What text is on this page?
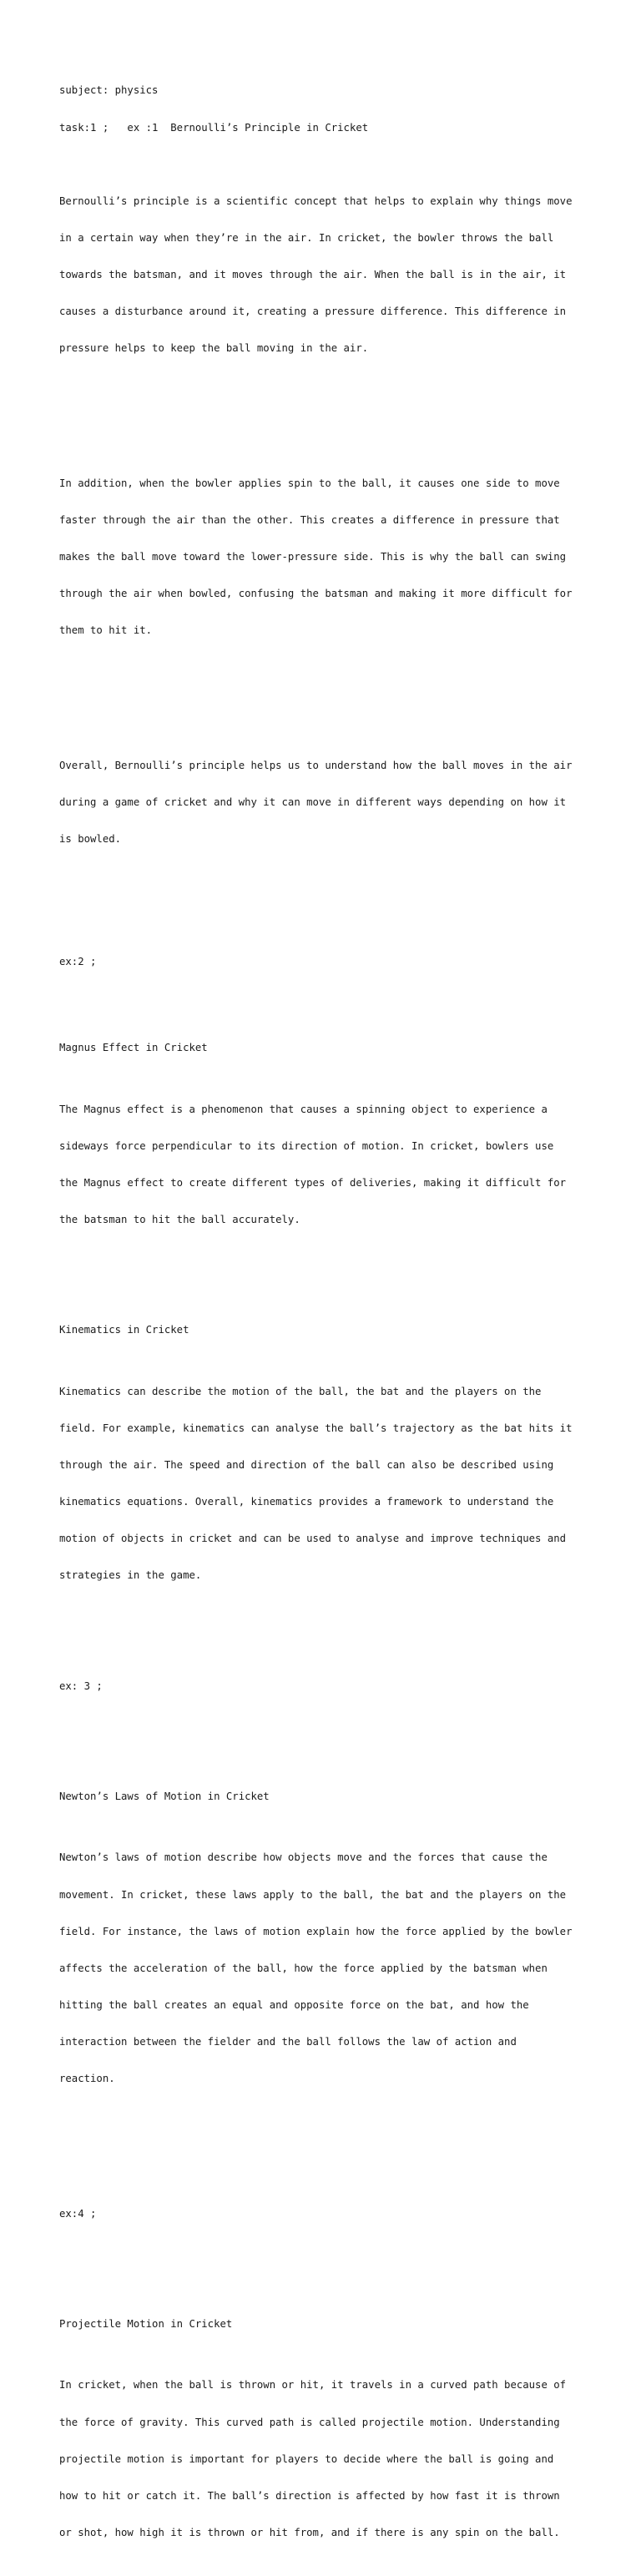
subject: physics

task:1 ;   ex :1  Bernoulli’s Principle in Cricket

Bernoulli’s principle is a scientific concept that helps to explain why things move

in a certain way when they’re in the air. In cricket, the bowler throws the ball

towards the batsman, and it moves through the air. When the ball is in the air, it

causes a disturbance around it, creating a pressure difference. This difference in

pressure helps to keep the ball moving in the air.

In addition, when the bowler applies spin to the ball, it causes one side to move

faster through the air than the other. This creates a difference in pressure that

makes the ball move toward the lower-pressure side. This is why the ball can swing

through the air when bowled, confusing the batsman and making it more difficult for

them to hit it.

Overall, Bernoulli’s principle helps us to understand how the ball moves in the air

during a game of cricket and why it can move in different ways depending on how it

is bowled.

ex:2 ;

Magnus Effect in Cricket

The Magnus effect is a phenomenon that causes a spinning object to experience a

sideways force perpendicular to its direction of motion. In cricket, bowlers use

the Magnus effect to create different types of deliveries, making it difficult for

the batsman to hit the ball accurately.

Kinematics in Cricket

Kinematics can describe the motion of the ball, the bat and the players on the

field. For example, kinematics can analyse the ball’s trajectory as the bat hits it

through the air. The speed and direction of the ball can also be described using

kinematics equations. Overall, kinematics provides a framework to understand the

motion of objects in cricket and can be used to analyse and improve techniques and

strategies in the game.

ex: 3 ;

Newton’s Laws of Motion in Cricket

Newton’s laws of motion describe how objects move and the forces that cause the

movement. In cricket, these laws apply to the ball, the bat and the players on the

field. For instance, the laws of motion explain how the force applied by the bowler

affects the acceleration of the ball, how the force applied by the batsman when

hitting the ball creates an equal and opposite force on the bat, and how the

interaction between the fielder and the ball follows the law of action and

reaction.

ex:4 ;

Projectile Motion in Cricket

In cricket, when the ball is thrown or hit, it travels in a curved path because of

the force of gravity. This curved path is called projectile motion. Understanding

projectile motion is important for players to decide where the ball is going and

how to hit or catch it. The ball’s direction is affected by how fast it is thrown

or shot, how high it is thrown or hit from, and if there is any spin on the ball.
